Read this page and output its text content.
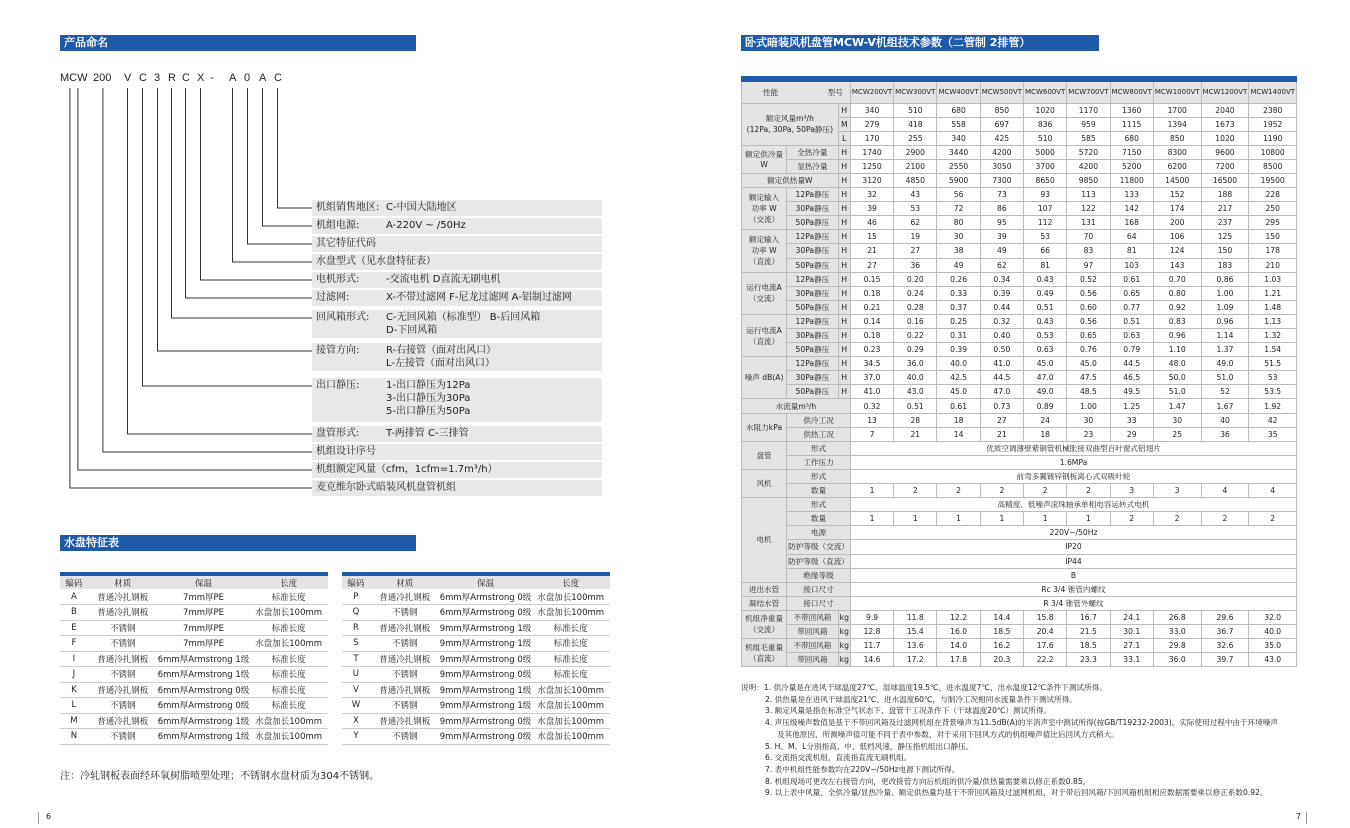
产品命名
MCW 200 V C 3 R C X - A 0 A C
机组销售地区: C-中国大陆地区
机组电源:	A-220V ~ /50Hz
其它特征代码
水盘型式（见水盘特征表）
电机形式:	-交流电机 D直流无刷电机
过滤网:	X-不带过滤网 F-尼龙过滤网 A-铝制过滤网
回风箱形式: C-无回风箱（标准型） B-后回风箱
D-下回风箱
接管方向:	R-右接管（面对出风口）
L-左接管（面对出风口）
出口静压:	1-出口静压为12Pa
3-出口静压为30Pa
5-出口静压为50Pa
盘管形式:	T-两排管 C-三排管
机组设计序号
机组额定风量（cfm，1cfm=1.7m³/h）
麦克维尔卧式暗装风机盘管机组
水盘特征表
编码	材质	保温	长度
A	普通冷扎钢板	7mm厚PE	标准长度
B	普通冷扎钢板	7mm厚PE	水盘加长100mm
E	不锈钢	7mm厚PE	标准长度
F	不锈钢	7mm厚PE	水盘加长100mm
I	普通冷扎钢板	6mm厚Armstrong 1级	标准长度
J	不锈钢	6mm厚Armstrong 1级	标准长度
K	普通冷扎钢板	6mm厚Armstrong 0级	标准长度
L	不锈钢	6mm厚Armstrong 0级	标准长度
M	普通冷扎钢板	6mm厚Armstrong 1级	水盘加长100mm
N	不锈钢	6mm厚Armstrong 1级	水盘加长100mm
编码	材质	保温	长度
P	普通冷扎钢板	6mm厚Armstrong 0级	水盘加长100mm
Q	不锈钢	6mm厚Armstrong 0级	水盘加长100mm
R	普通冷扎钢板	9mm厚Armstrong 1级	标准长度
S	不锈钢	9mm厚Armstrong 1级	标准长度
T	普通冷扎钢板	9mm厚Armstrong 0级	标准长度
U	不锈钢	9mm厚Armstrong 0级	标准长度
V	普通冷扎钢板	9mm厚Armstrong 1级	水盘加长100mm
W	不锈钢	9mm厚Armstrong 1级	水盘加长100mm
X	普通冷扎钢板	9mm厚Armstrong 0级	水盘加长100mm
Y	不锈钢	9mm厚Armstrong 0级	水盘加长100mm
注：冷轧钢板表面经环氧树脂喷塑处理；不锈钢水盘材质为304不锈钢。
6
卧式暗装风机盘管MCW-V机组技术参数（二管制 2排管）
性能 型号			MCW200VT	MCW300VT	MCW400VT	MCW500VT	MCW600VT	MCW700VT	MCW800VT	MCW1000VT	MCW1200VT	MCW1400VT

额定风量m³/h
(12Pa, 30Pa, 50Pa静压)		H	340	510	680	850	1020	1170	1360	1700	2040	2380
		M	279	418	558	697	836	959	1115	1394	1673	1952
		L	170	255	340	425	510	585	680	850	1020	1190

额定供冷量
W	全热冷量	H	1740	2900	3440	4200	5000	5720	7150	8300	9600	10800
	显热冷量	H	1250	2100	2550	3050	3700	4200	5200	6200	7200	8500
额定供热量W		H	3120	4850	5900	7300	8650	9850	11800	14500	16500	19500

额定输入
功率 W
（交流）	12Pa静压	H	32	43	56	73	93	113	133	152	188	228
	30Pa静压	H	39	53	72	86	107	122	142	174	217	250
	50Pa静压	H	46	62	80	95	112	131	168	200	237	295

额定输入
功率 W
（直流）	12Pa静压	H	15	19	30	39	53	70	64	106	125	150
	30Pa静压	H	21	27	38	49	66	83	81	124	150	178
	50Pa静压	H	27	36	49	62	81	97	103	143	183	210

运行电流A
（交流）	12Pa静压	H	0.15	0.20	0.26	0.34	0.43	0.52	0.61	0.70	0.86	1.03
	30Pa静压	H	0.18	0.24	0.33	0.39	0.49	0.56	0.65	0.80	1.00	1.21
	50Pa静压	H	0.21	0.28	0.37	0.44	0.51	0.60	0.77	0.92	1.09	1.48

运行电流A
（直流）	12Pa静压	H	0.14	0.16	0.25	0.32	0.43	0.56	0.51	0.83	0.96	1.13
	30Pa静压	H	0.18	0.22	0.31	0.40	0.53	0.65	0.63	0.96	1.14	1.32
	50Pa静压	H	0.23	0.29	0.39	0.50	0.63	0.76	0.79	1.10	1.37	1.54

噪声 dB(A)	12Pa静压	H	34.5	36.0	40.0	41.0	45.0	45.0	44.5	48.0	49.0	51.5
	30Pa静压	H	37.0	40.0	42.5	44.5	47.0	47.5	46.5	50.0	51.0	53
	50Pa静压	H	41.0	43.0	45.0	47.0	49.0	48.5	49.5	51.0	52	53.5
水流量m³/h			0.32	0.51	0.61	0.73	0.89	1.00	1.25	1.47	1.67	1.92
水阻力kPa	供冷工况		13	28	18	27	24	30	33	30	40	42
	供热工况		7	21	14	21	18	23	29	25	36	35
盘管	形式		优质空调薄壁紫铜管机械胀接双曲型百叶窗式铝翅片									
	工作压力		1.6MPa									
风机	形式		前弯多翼镀锌钢板离心式双吸叶轮									
	数量		1	2	2	2	2	2	3	3	4	4
电机	形式		高精度、低噪声滚珠轴承单相电容运转式电机									
	数量		1	1	1	1	1	1	2	2	2	2
	电源		220V~/50Hz									
	防护等级（交流）		IP20									
	防护等级（直流）		IP44									
	绝缘等级		B									
进出水管	接口尺寸		Rc 3/4 锥管内螺纹									
凝结水管	接口尺寸		R 3/4 锥管外螺纹									

机组净重量
（交流）	不带回风箱	kg	9.9	11.8	12.2	14.4	15.8	16.7	24.1	26.8	29.6	32.0
	带回风箱	kg	12.8	15.4	16.0	18.5	20.4	21.5	30.1	33.0	36.7	40.0

机组毛重量
（直流）	不带回风箱	kg	11.7	13.6	14.0	16.2	17.6	18.5	27.1	29.8	32.6	35.0
	带回风箱	kg	14.6	17.2	17.8	20.3	22.2	23.3	33.1	36.0	39.7	43.0
说明：1. 供冷量是在进风干球温度27℃、湿球温度19.5℃，进水温度7℃、出水温度12℃条件下测试所得。
2. 供热量是在进风干球温度21℃、进水温度60℃，与制冷工况相同水流量条件下测试所得。
3. 额定风量是指在标准空气状态下、盘管干工况条件下（干球温度20℃）测试所得。
4. 声压级噪声数值是基于不带回风箱及过滤网机组在背景噪声为11.5dB(A)的半消声室中测试所得(按GB/T19232-2003)。实际使用过程中由于环境噪声
及其他原因，所测噪声值可能不同于表中参数，对于采用下回风方式的机组噪声值比后回风方式稍大。
5. H、M、L分别指高、中、低档风速，静压指机组出口静压。
6. 交流指交流机组，直流指直流无刷机组。
7. 表中机组性能参数均在220V~/50Hz电源下测试所得。
8. 机组现场可更改左右接管方向，更改接管方向后机组的供冷量/供热量需要乘以修正系数0.85。
9. 以上表中风量、全供冷量/显热冷量、额定供热量均基于不带回风箱及过滤网机组，对于带后回风箱/下回风箱机组相应数据需要乘以修正系数0.92。
7
